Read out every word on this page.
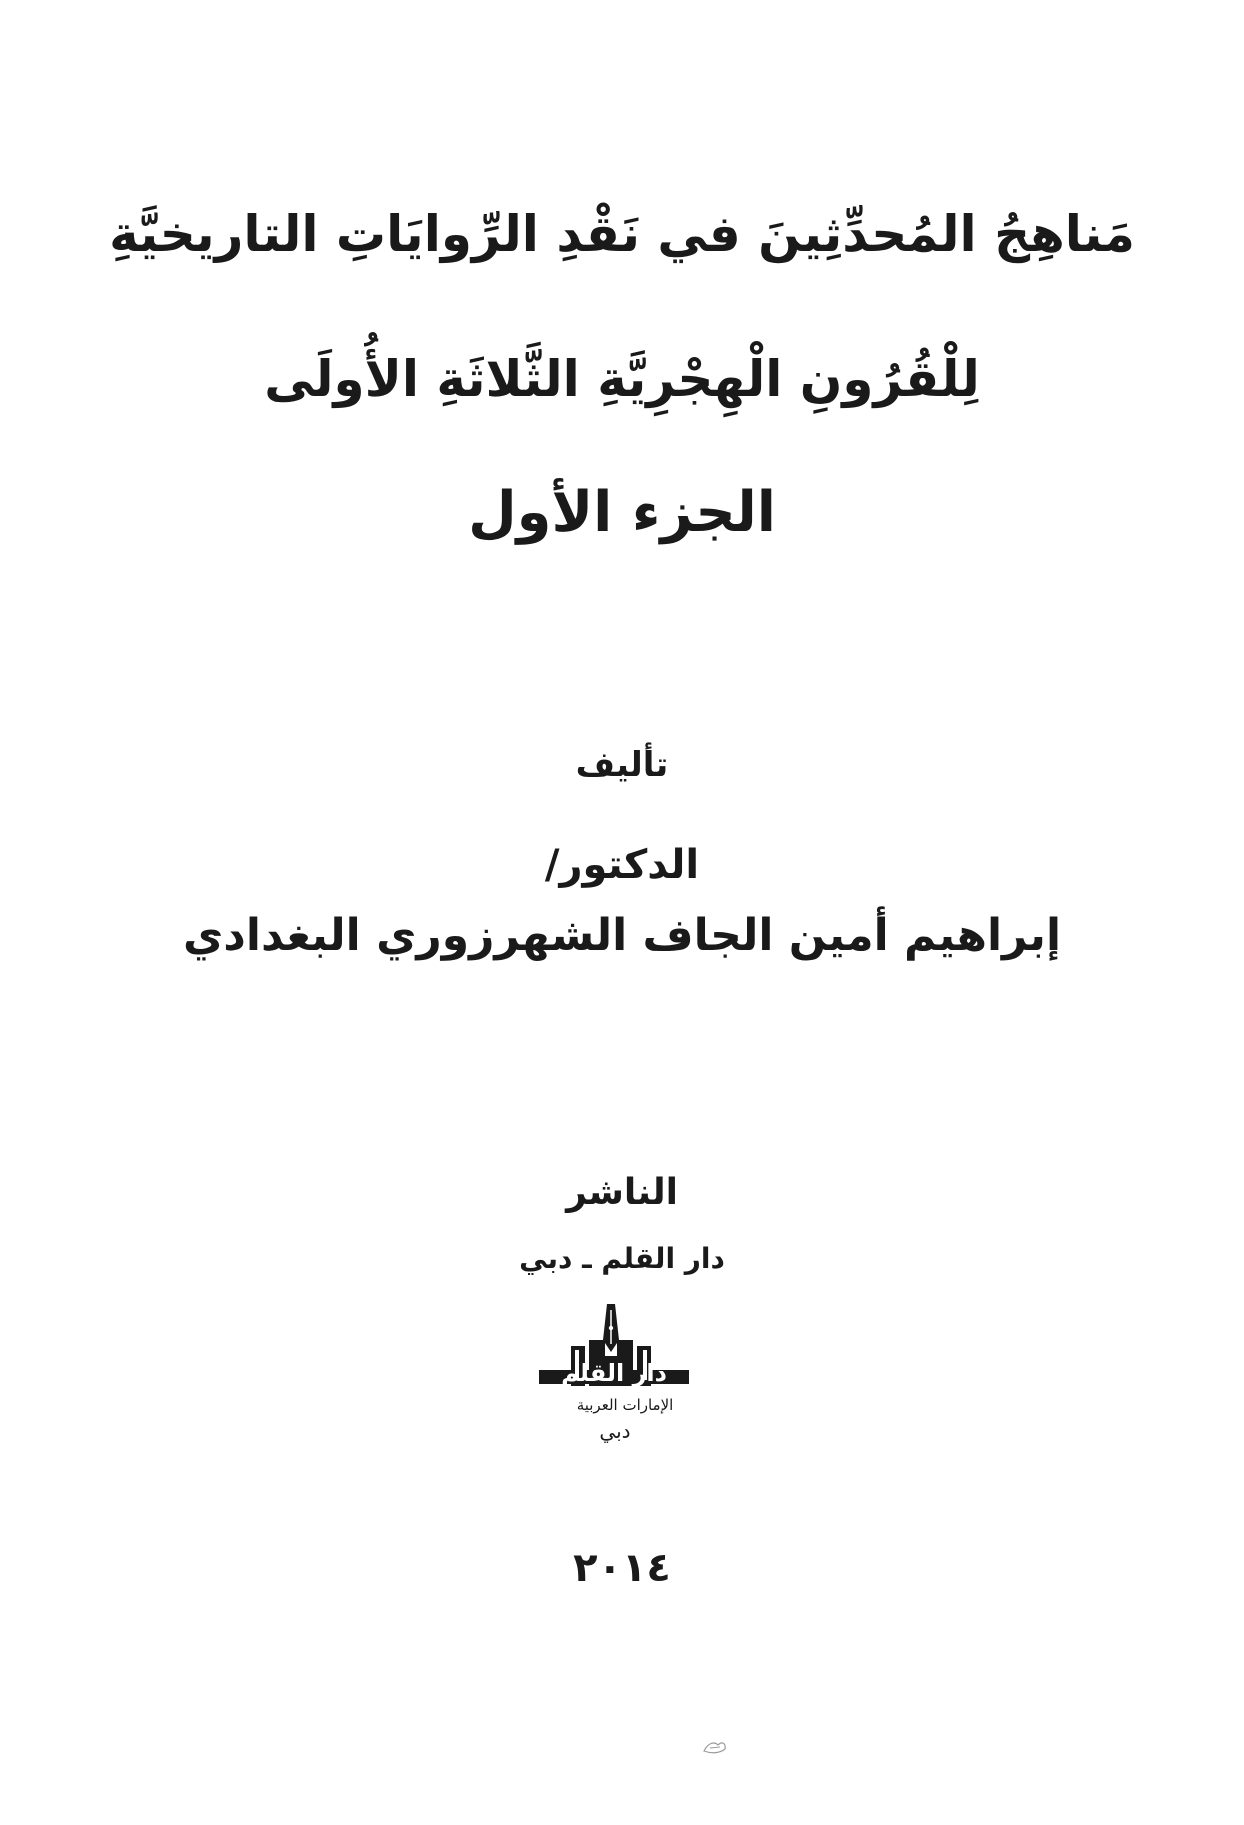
مَناهِجُ المُحدِّثِينَ في نَقْدِ الرِّوايَاتِ التاريخيَّةِ
لِلْقُرُونِ الْهِجْرِيَّةِ الثَّلاثَةِ الأُولَى
الجزء الأول
تأليف
الدكتور/
إبراهيم أمين الجاف الشهرزوري البغدادي
الناشر
دار القلم ـ دبي
دار القلم
الإمارات العربية
دبي
٢٠١٤
